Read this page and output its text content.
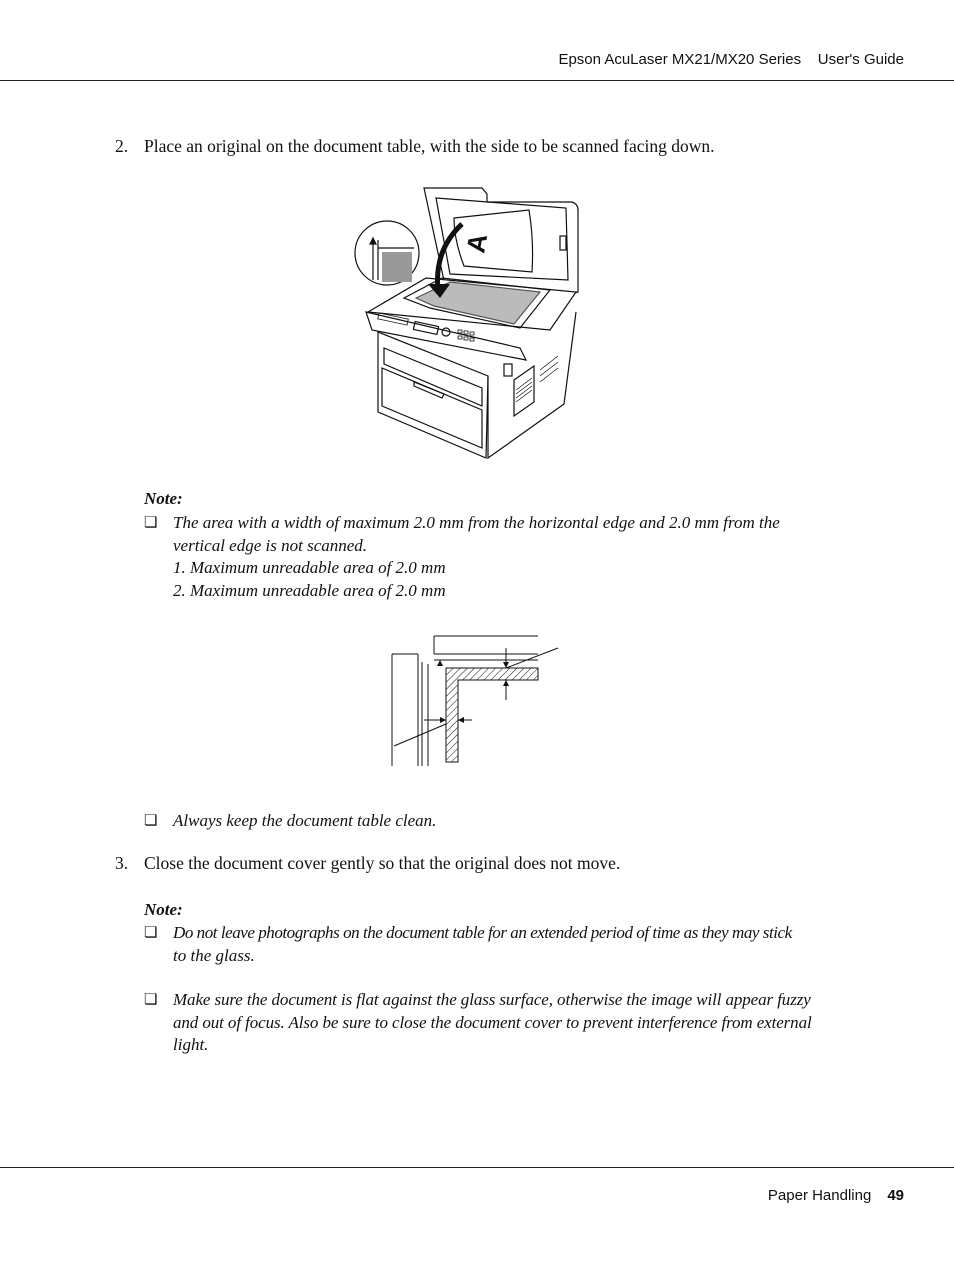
Epson AcuLaser MX21/MX20 Series User's Guide
2. Place an original on the document table, with the side to be scanned facing down.
A
Note:
❏ The area with a width of maximum 2.0 mm from the horizontal edge and 2.0 mm from the
vertical edge is not scanned.
1. Maximum unreadable area of 2.0 mm
2. Maximum unreadable area of 2.0 mm
❏ Always keep the document table clean.
3. Close the document cover gently so that the original does not move.
Note:
❏ Do not leave photographs on the document table for an extended period of time as they may stick
to the glass.
❏ Make sure the document is flat against the glass surface, otherwise the image will appear fuzzy
and out of focus. Also be sure to close the document cover to prevent interference from external
light.
Paper Handling 49
